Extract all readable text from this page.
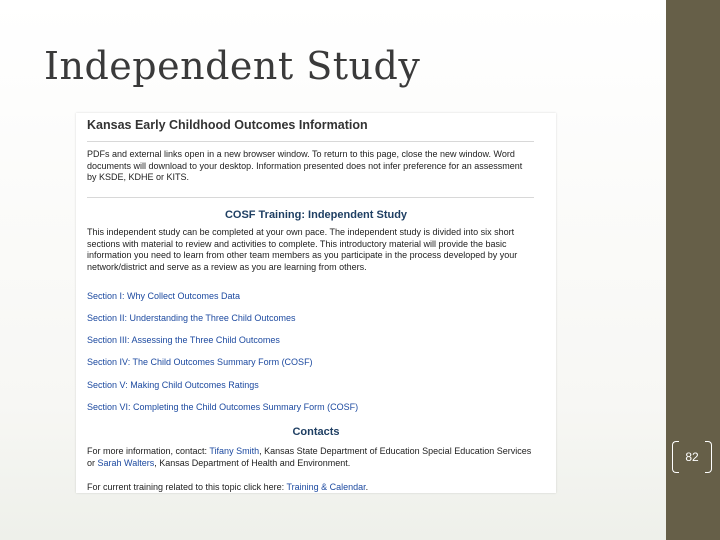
Independent Study
Kansas Early Childhood Outcomes Information
PDFs and external links open in a new browser window. To return to this page, close the new window. Word documents will download to your desktop. Information presented does not infer preference for an assessment by KSDE, KDHE or KITS.
COSF Training: Independent Study
This independent study can be completed at your own pace. The independent study is divided into six short sections with material to review and activities to complete. This introductory material will provide the basic information you need to learn from other team members as you participate in the process developed by your network/district and serve as a review as you are learning from others.
Section I: Why Collect Outcomes Data
Section II: Understanding the Three Child Outcomes
Section III: Assessing the Three Child Outcomes
Section IV: The Child Outcomes Summary Form (COSF)
Section V: Making Child Outcomes Ratings
Section VI: Completing the Child Outcomes Summary Form (COSF)
Contacts
For more information, contact: Tifany Smith, Kansas State Department of Education Special Education Services or Sarah Walters, Kansas Department of Health and Environment.
For current training related to this topic click here: Training & Calendar.
82
